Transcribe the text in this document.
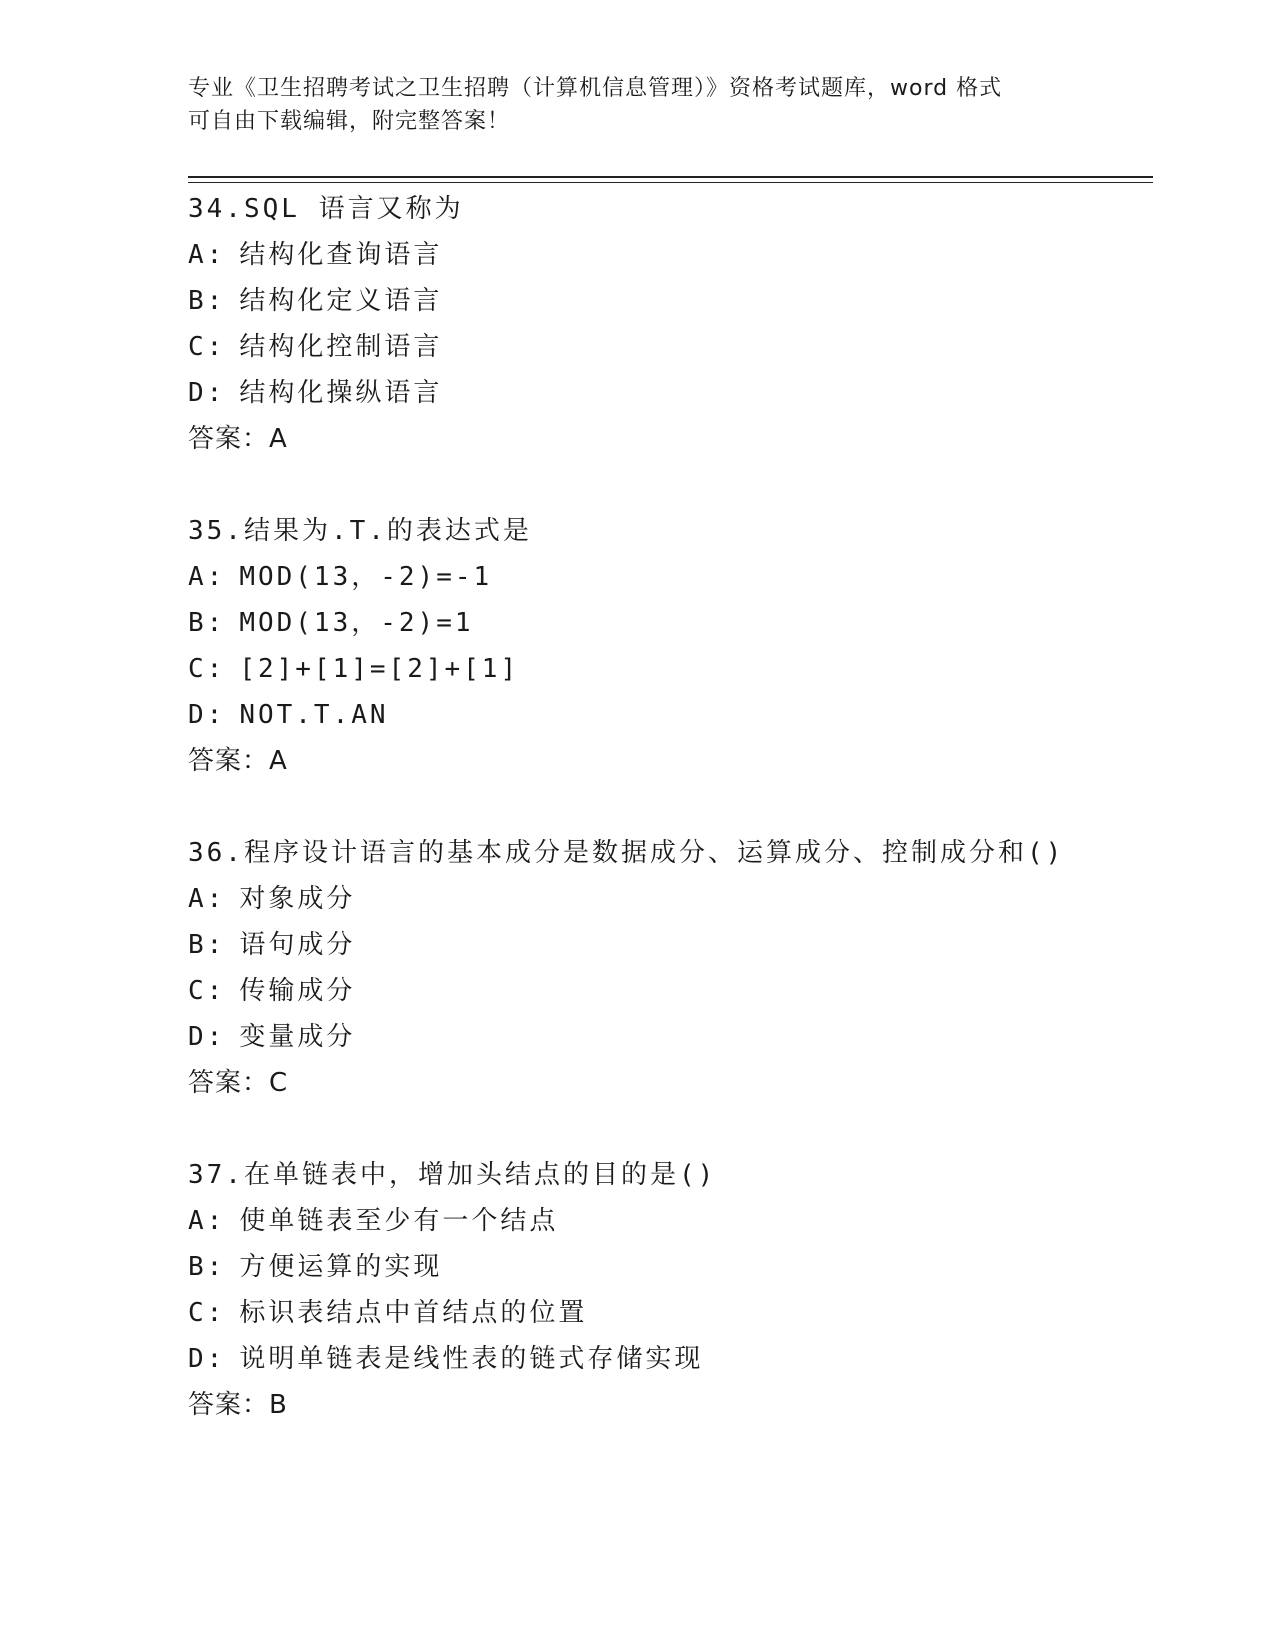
专业《卫生招聘考试之卫生招聘（计算机信息管理）》资格考试题库，word 格式
可自由下载编辑，附完整答案！
34.SQL 语言又称为
A: 结构化查询语言
B: 结构化定义语言
C: 结构化控制语言
D: 结构化操纵语言
答案：A
35.结果为.T.的表达式是
A: MOD(13，-2)=-1
B: MOD(13，-2)=1
C: [2]+[1]=[2]+[1]
D: NOT.T.AN
答案：A
36.程序设计语言的基本成分是数据成分、运算成分、控制成分和()
A: 对象成分
B: 语句成分
C: 传输成分
D: 变量成分
答案：C
37.在单链表中，增加头结点的目的是()
A: 使单链表至少有一个结点
B: 方便运算的实现
C: 标识表结点中首结点的位置
D: 说明单链表是线性表的链式存储实现
答案：B
